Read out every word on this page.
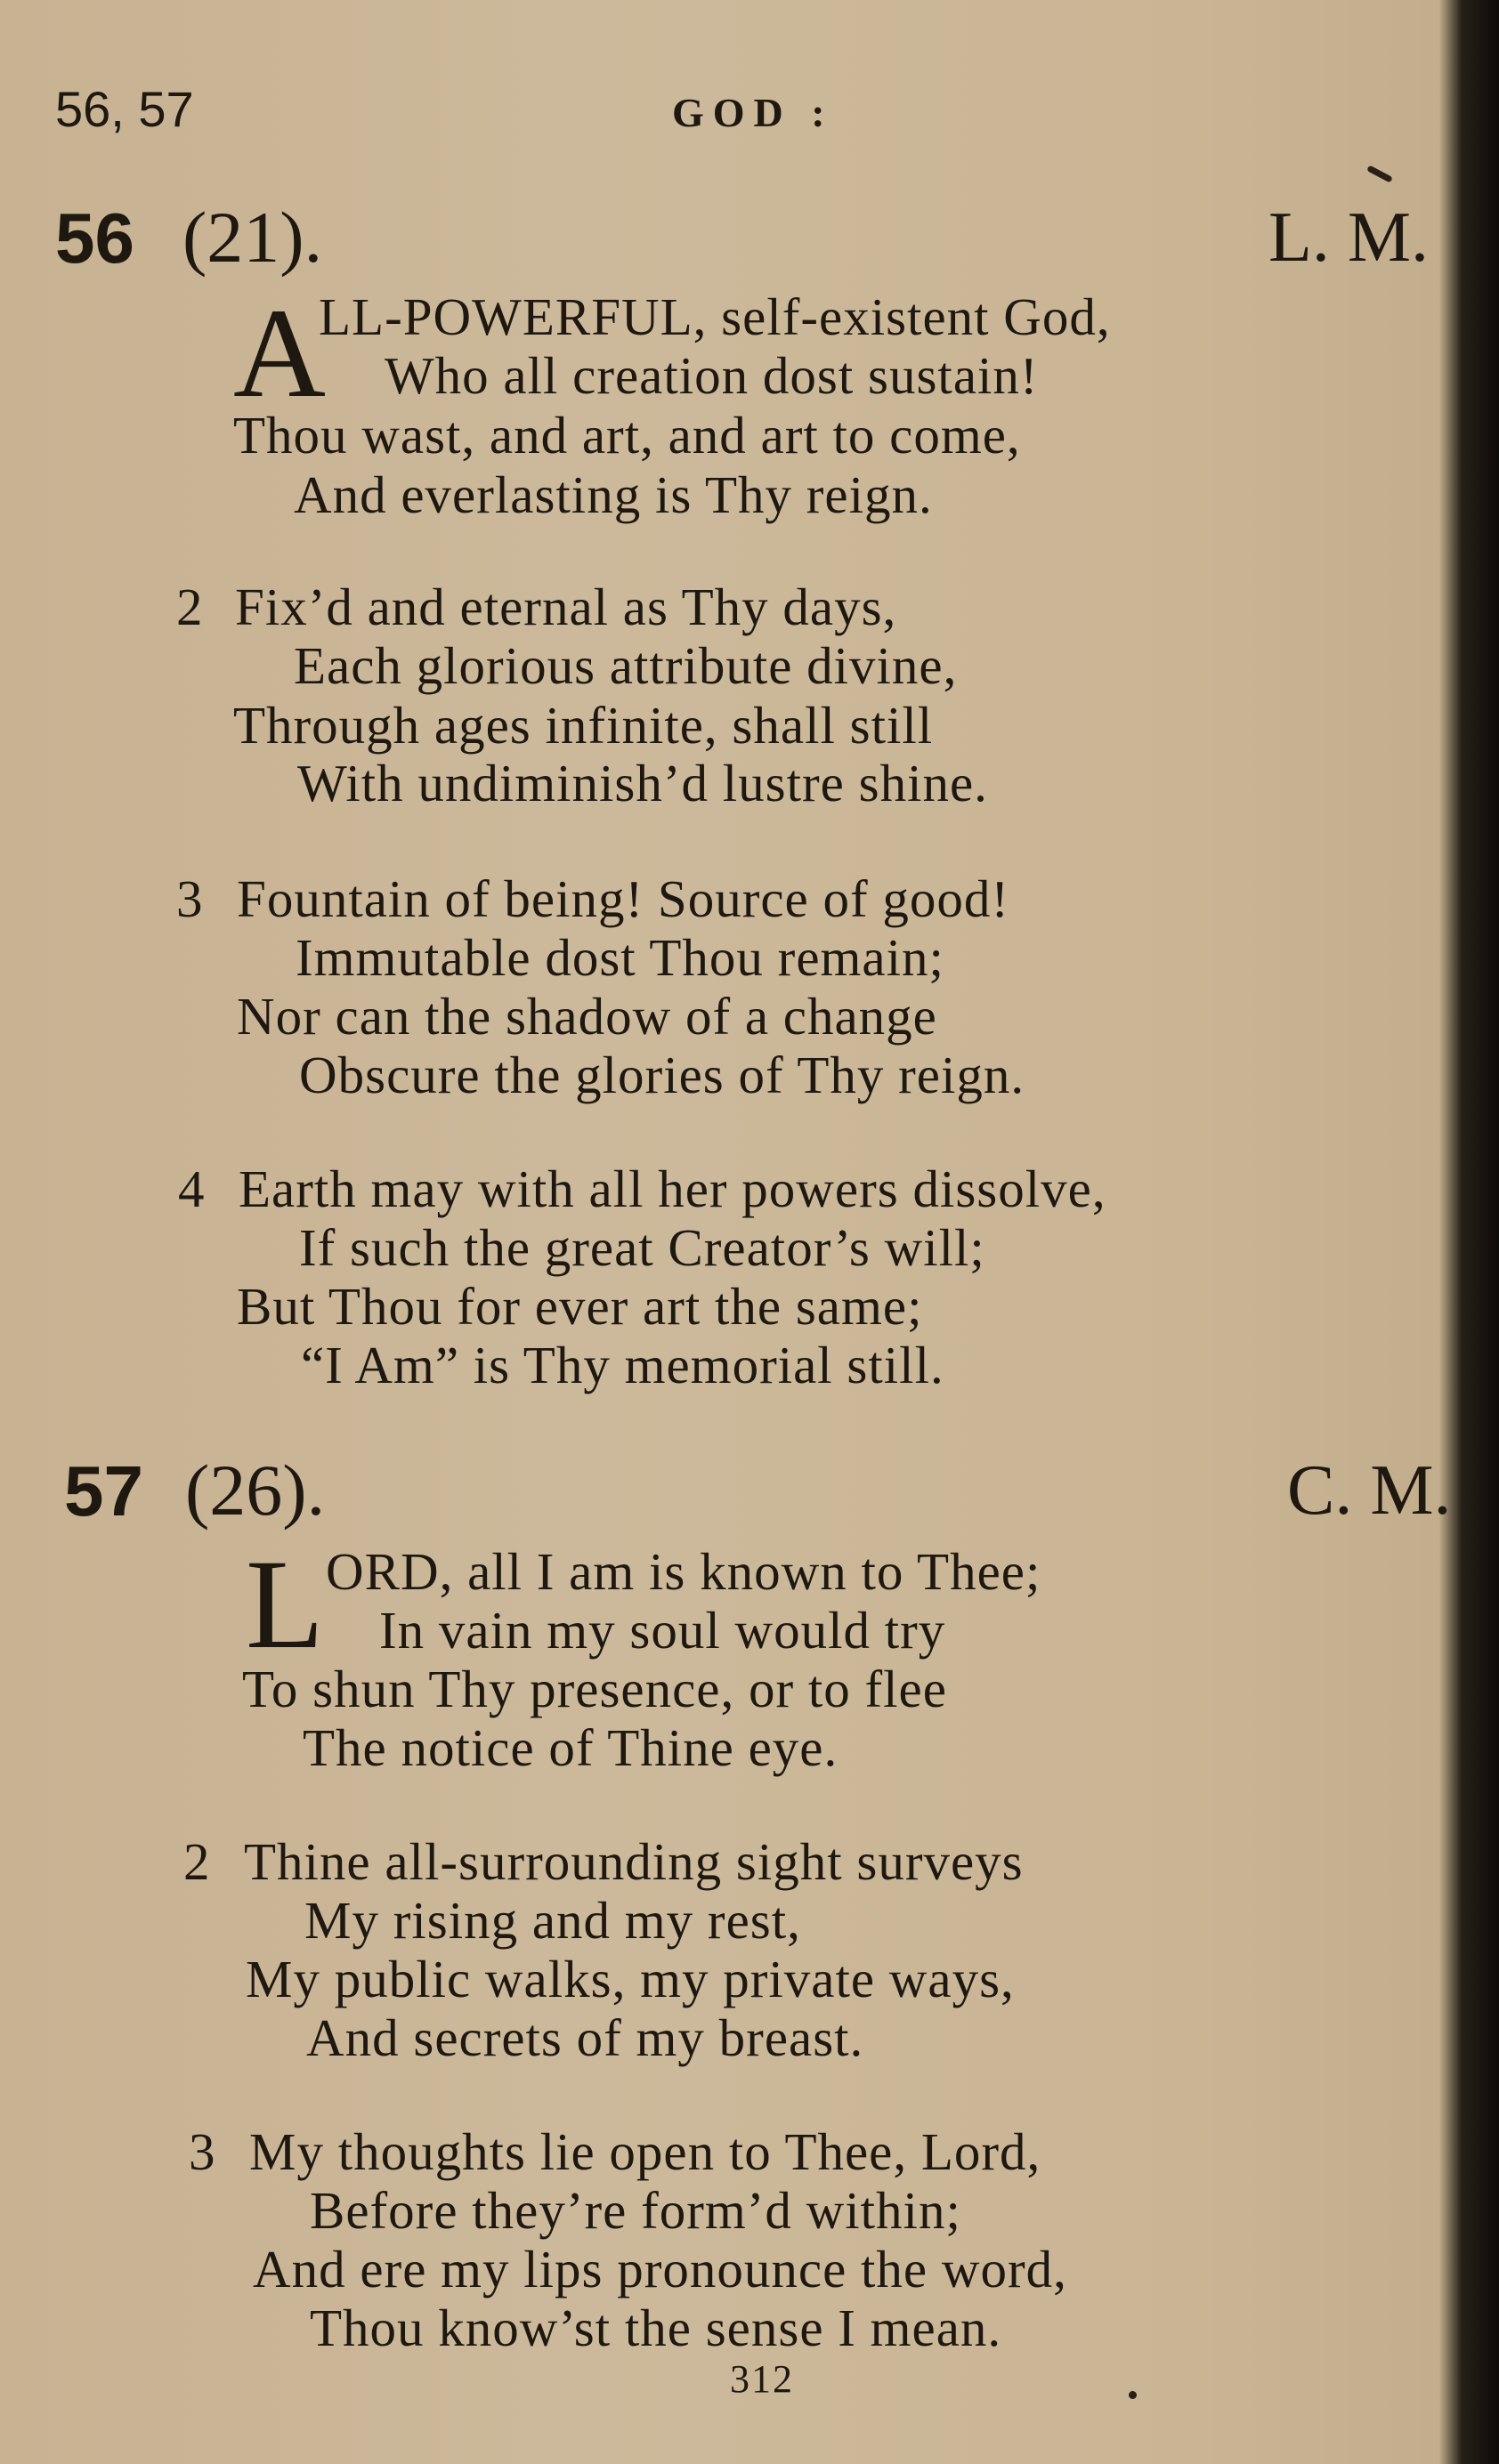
56, 57	GOD :
56 (21).	L. M.
A
LL-POWERFUL, self-existent God,
Who all creation dost sustain!
Thou wast, and art, and art to come,
And everlasting is Thy reign.
2 Fix’d and eternal as Thy days,
Each glorious attribute divine,
Through ages infinite, shall still
With undiminish’d lustre shine.
3 Fountain of being! Source of good!
Immutable dost Thou remain;
Nor can the shadow of a change
Obscure the glories of Thy reign.
4 Earth may with all her powers dissolve,
If such the great Creator’s will;
But Thou for ever art the same;
“I Am” is Thy memorial still.
57 (26).	C. M.
L ORD, all I am is known to Thee;
In vain my soul would try
To shun Thy presence, or to flee
The notice of Thine eye.
2 Thine all-surrounding sight surveys
My rising and my rest,
My public walks, my private ways,
And secrets of my breast.
3 My thoughts lie open to Thee, Lord,
Before they’re form’d within;
And ere my lips pronounce the word,
Thou know’st the sense I mean.
312
